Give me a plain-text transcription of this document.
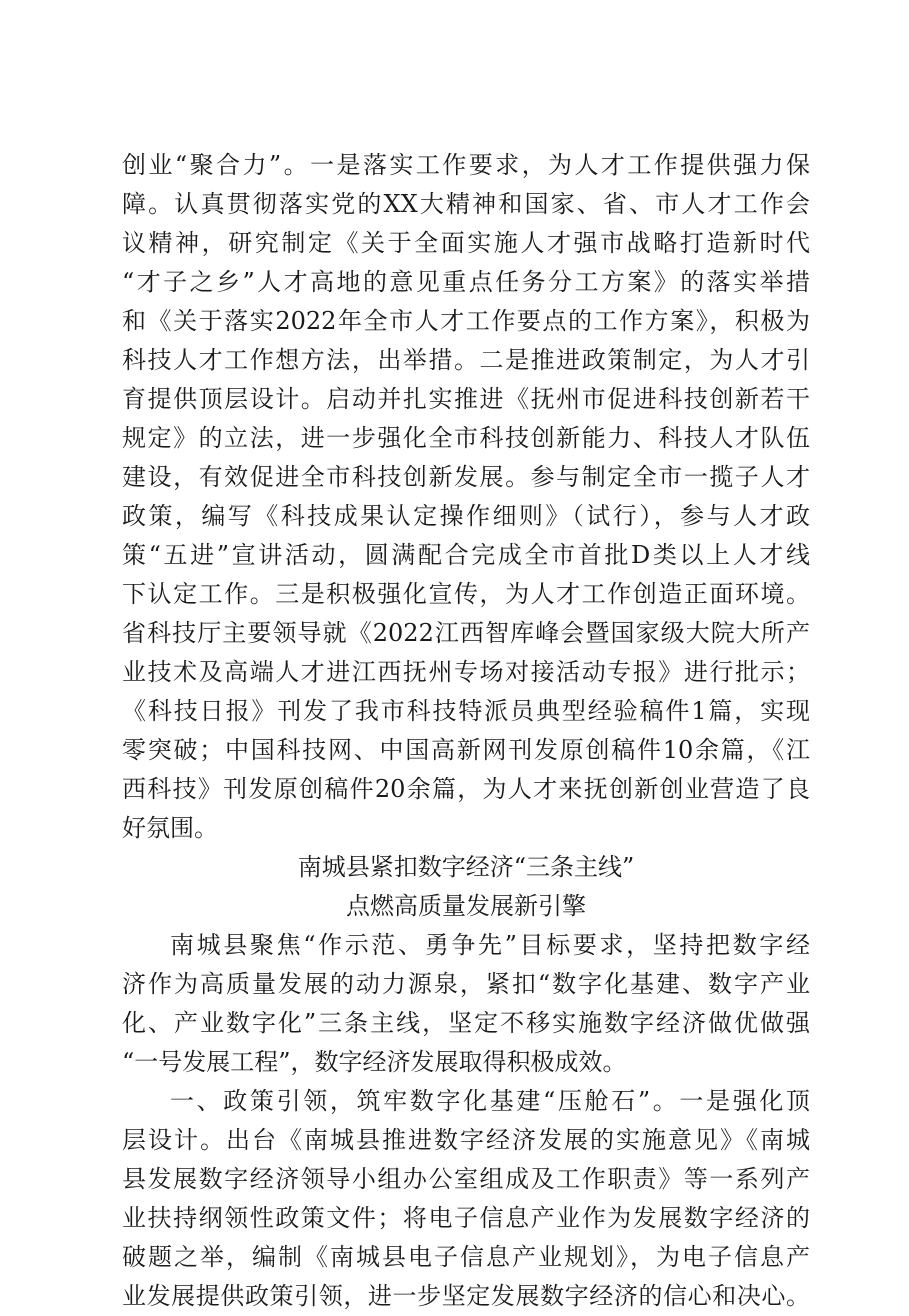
创业“聚合力”。一是落实工作要求，为人才工作提供强力保
障。认真贯彻落实党的XX大精神和国家、省、市人才工作会
议精神，研究制定《关于全面实施人才强市战略打造新时代
“才子之乡”人才高地的意见重点任务分工方案》的落实举措
和《关于落实2022年全市人才工作要点的工作方案》，积极为
科技人才工作想方法，出举措。二是推进政策制定，为人才引
育提供顶层设计。启动并扎实推进《抚州市促进科技创新若干
规定》的立法，进一步强化全市科技创新能力、科技人才队伍
建设，有效促进全市科技创新发展。参与制定全市一揽子人才
政策，编写《科技成果认定操作细则》（试行），参与人才政
策“五进”宣讲活动，圆满配合完成全市首批D类以上人才线
下认定工作。三是积极强化宣传，为人才工作创造正面环境。
省科技厅主要领导就《2022江西智库峰会暨国家级大院大所产
业技术及高端人才进江西抚州专场对接活动专报》进行批示；
《科技日报》刊发了我市科技特派员典型经验稿件1篇，实现
零突破；中国科技网、中国高新网刊发原创稿件10余篇，《江
西科技》刊发原创稿件20余篇，为人才来抚创新创业营造了良
好氛围。
南城县紧扣数字经济“三条主线”
点燃高质量发展新引擎
南城县聚焦“作示范、勇争先”目标要求，坚持把数字经
济作为高质量发展的动力源泉，紧扣“数字化基建、数字产业
化、产业数字化”三条主线，坚定不移实施数字经济做优做强
“一号发展工程”，数字经济发展取得积极成效。
一、政策引领，筑牢数字化基建“压舱石”。一是强化顶
层设计。出台《南城县推进数字经济发展的实施意见》《南城
县发展数字经济领导小组办公室组成及工作职责》等一系列产
业扶持纲领性政策文件；将电子信息产业作为发展数字经济的
破题之举，编制《南城县电子信息产业规划》，为电子信息产
业发展提供政策引领，进一步坚定发展数字经济的信心和决心。
